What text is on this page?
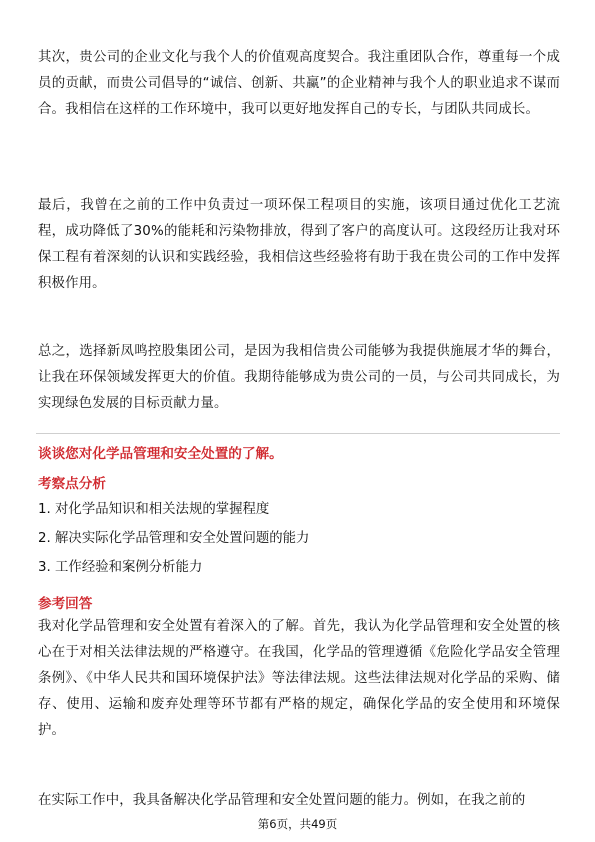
其次，贵公司的企业文化与我个人的价值观高度契合。我注重团队合作，尊重每一个成员的贡献，而贵公司倡导的“诚信、创新、共赢”的企业精神与我个人的职业追求不谋而合。我相信在这样的工作环境中，我可以更好地发挥自己的专长，与团队共同成长。

最后，我曾在之前的工作中负责过一项环保工程项目的实施，该项目通过优化工艺流程，成功降低了30%的能耗和污染物排放，得到了客户的高度认可。这段经历让我对环保工程有着深刻的认识和实践经验，我相信这些经验将有助于我在贵公司的工作中发挥积极作用。

总之，选择新凤鸣控股集团公司，是因为我相信贵公司能够为我提供施展才华的舞台，让我在环保领域发挥更大的价值。我期待能够成为贵公司的一员，与公司共同成长，为实现绿色发展的目标贡献力量。

谈谈您对化学品管理和安全处置的了解。

考察点分析

1. 对化学品知识和相关法规的掌握程度

2. 解决实际化学品管理和安全处置问题的能力

3. 工作经验和案例分析能力

参考回答

我对化学品管理和安全处置有着深入的了解。首先，我认为化学品管理和安全处置的核心在于对相关法律法规的严格遵守。在我国，化学品的管理遵循《危险化学品安全管理条例》、《中华人民共和国环境保护法》等法律法规。这些法律法规对化学品的采购、储存、使用、运输和废弃处理等环节都有严格的规定，确保化学品的安全使用和环境保护。

在实际工作中，我具备解决化学品管理和安全处置问题的能力。例如，在我之前的

第6页，共49页
